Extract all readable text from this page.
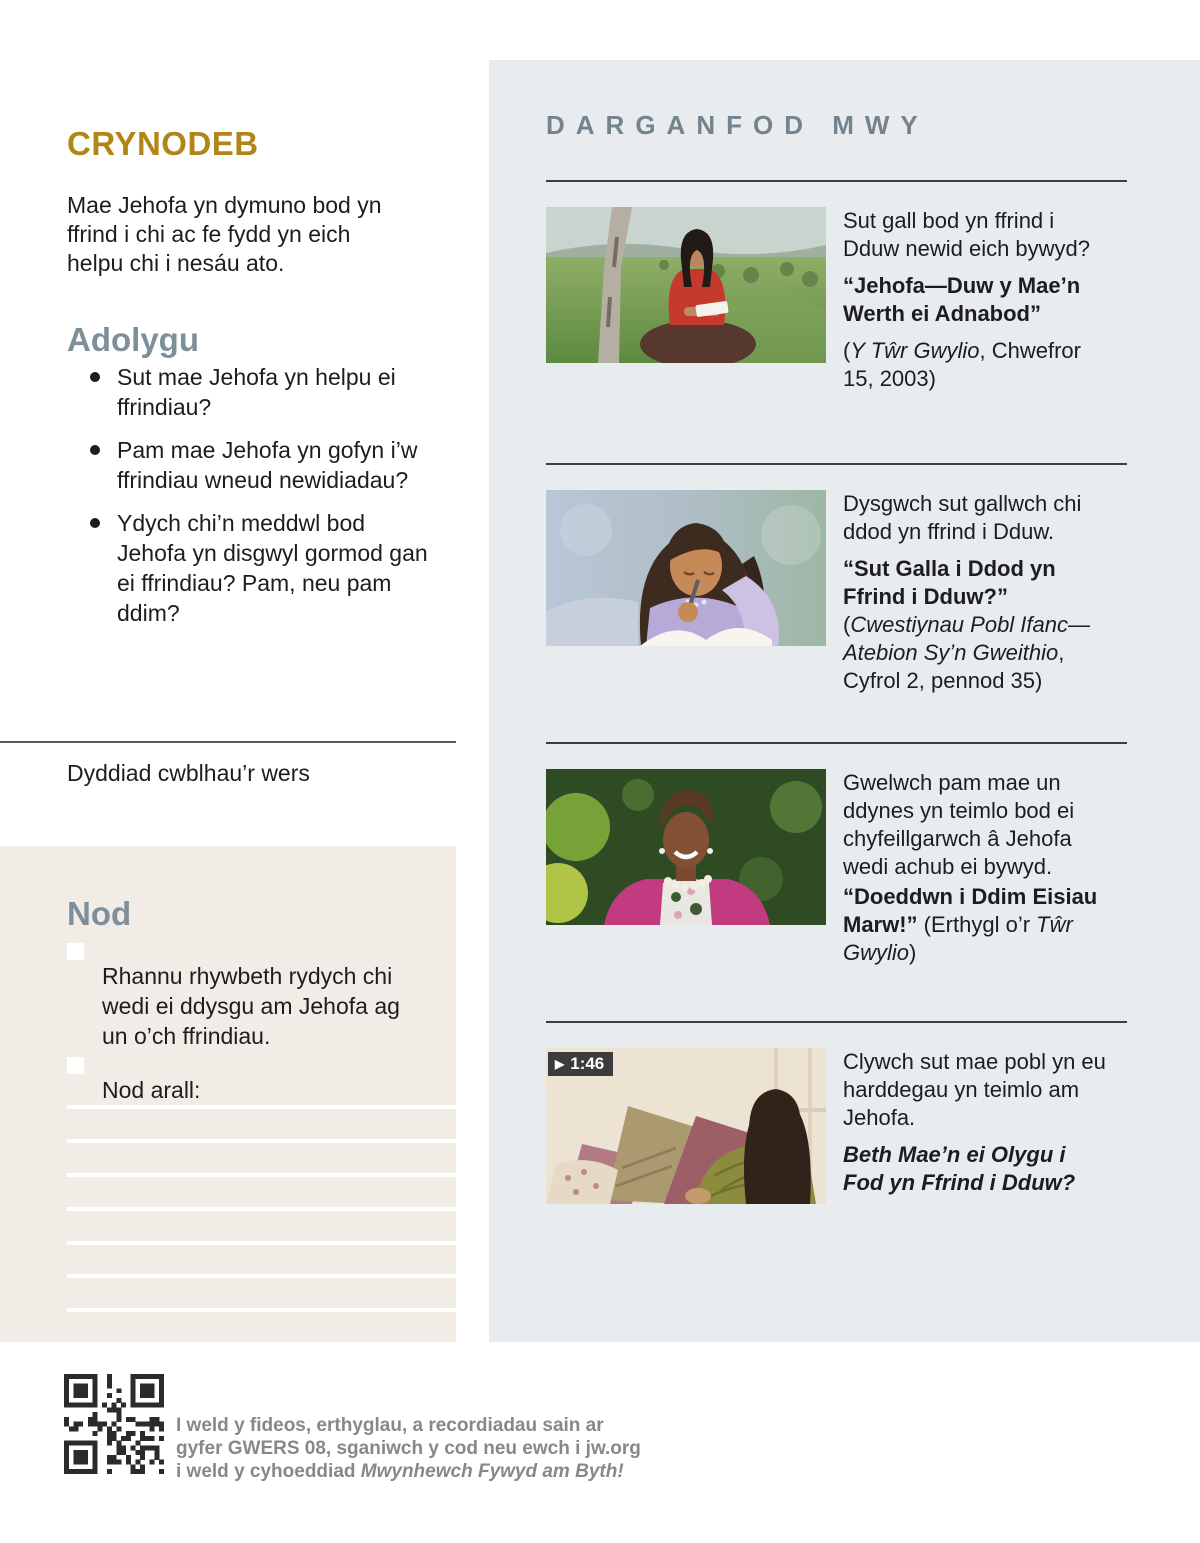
CRYNODEB

Mae Jehofa yn dymuno bod yn ffrind i chi ac fe fydd yn eich helpu chi i nesáu ato.

Adolygu
Sut mae Jehofa yn helpu ei ffrindiau?
Pam mae Jehofa yn gofyn i’w ffrindiau wneud newidiadau?
Ydych chi’n meddwl bod Jehofa yn disgwyl gormod gan ei ffrindiau? Pam, neu pam ddim?
Dyddiad cwblhau’r wers
Nod

Rhannu rhywbeth rydych chi wedi ei ddysgu am Jehofa ag un o’ch ffrindiau.

Nod arall:

DARGANFOD MWY

Sut gall bod yn ffrind i Dduw newid eich bywyd?

“Jehofa—Duw y Mae’n Werth ei Adnabod”

(Y Tŵr Gwylio, Chwefror 15, 2003)

Dysgwch sut gallwch chi ddod yn ffrind i Dduw.

“Sut Galla i Ddod yn Ffrind i Dduw?” (Cwestiynau Pobl Ifanc—Atebion Sy’n Gweithio, Cyfrol 2, pennod 35)

Gwelwch pam mae un ddynes yn teimlo bod ei chyfeillgarwch â Jehofa wedi achub ei bywyd.

“Doeddwn i Ddim Eisiau Marw!” (Erthygl o’r Tŵr Gwylio)

▶ 1:46	Clywch sut mae pobl yn eu harddegau yn teimlo am Jehofa.

Beth Mae’n ei Olygu i Fod yn Ffrind i Dduw?

I weld y fideos, erthyglau, a recordiadau sain ar
gyfer GWERS 08, sganiwch y cod neu ewch i jw.org
i weld y cyhoeddiad Mwynhewch Fywyd am Byth!
